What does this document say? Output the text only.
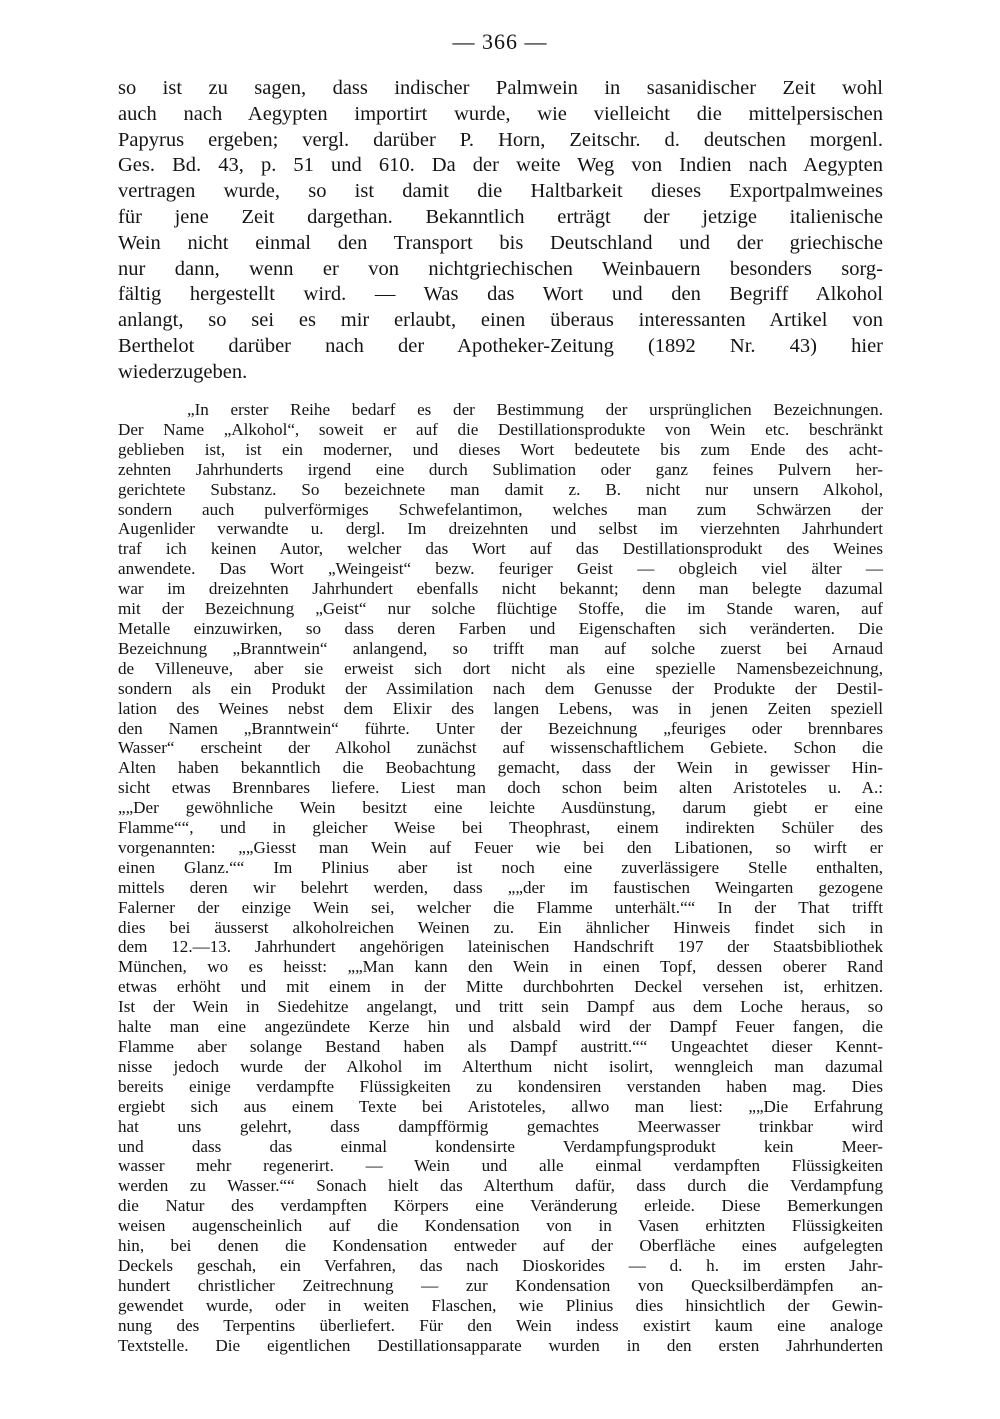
— 366 —
so ist zu sagen, dass indischer Palmwein in sasanidischer Zeit wohl
auch nach Aegypten importirt wurde, wie vielleicht die mittelpersischen
Papyrus ergeben; vergl. darüber P. Horn, Zeitschr. d. deutschen morgenl.
Ges. Bd. 43, p. 51 und 610. Da der weite Weg von Indien nach Aegypten
vertragen wurde, so ist damit die Haltbarkeit dieses Exportpalmweines
für jene Zeit dargethan. Bekanntlich erträgt der jetzige italienische
Wein nicht einmal den Transport bis Deutschland und der griechische
nur dann, wenn er von nichtgriechischen Weinbauern besonders sorg-
fältig hergestellt wird. — Was das Wort und den Begriff Alkohol
anlangt, so sei es mir erlaubt, einen überaus interessanten Artikel von
Berthelot darüber nach der Apotheker-Zeitung (1892 Nr. 43) hier
wiederzugeben.
„In erster Reihe bedarf es der Bestimmung der ursprünglichen Bezeichnungen.
Der Name „Alkohol“, soweit er auf die Destillationsprodukte von Wein etc. beschränkt
geblieben ist, ist ein moderner, und dieses Wort bedeutete bis zum Ende des acht-
zehnten Jahrhunderts irgend eine durch Sublimation oder ganz feines Pulvern her-
gerichtete Substanz. So bezeichnete man damit z. B. nicht nur unsern Alkohol,
sondern auch pulverförmiges Schwefelantimon, welches man zum Schwärzen der
Augenlider verwandte u. dergl. Im dreizehnten und selbst im vierzehnten Jahrhundert
traf ich keinen Autor, welcher das Wort auf das Destillationsprodukt des Weines
anwendete. Das Wort „Weingeist“ bezw. feuriger Geist — obgleich viel älter —
war im dreizehnten Jahrhundert ebenfalls nicht bekannt; denn man belegte dazumal
mit der Bezeichnung „Geist“ nur solche flüchtige Stoffe, die im Stande waren, auf
Metalle einzuwirken, so dass deren Farben und Eigenschaften sich veränderten. Die
Bezeichnung „Branntwein“ anlangend, so trifft man auf solche zuerst bei Arnaud
de Villeneuve, aber sie erweist sich dort nicht als eine spezielle Namensbezeichnung,
sondern als ein Produkt der Assimilation nach dem Genusse der Produkte der Destil-
lation des Weines nebst dem Elixir des langen Lebens, was in jenen Zeiten speziell
den Namen „Branntwein“ führte. Unter der Bezeichnung „feuriges oder brennbares
Wasser“ erscheint der Alkohol zunächst auf wissenschaftlichem Gebiete. Schon die
Alten haben bekanntlich die Beobachtung gemacht, dass der Wein in gewisser Hin-
sicht etwas Brennbares liefere. Liest man doch schon beim alten Aristoteles u. A.:
„„Der gewöhnliche Wein besitzt eine leichte Ausdünstung, darum giebt er eine
Flamme““, und in gleicher Weise bei Theophrast, einem indirekten Schüler des
vorgenannten: „„Giesst man Wein auf Feuer wie bei den Libationen, so wirft er
einen Glanz.““ Im Plinius aber ist noch eine zuverlässigere Stelle enthalten,
mittels deren wir belehrt werden, dass „„der im faustischen Weingarten gezogene
Falerner der einzige Wein sei, welcher die Flamme unterhält.““ In der That trifft
dies bei äusserst alkoholreichen Weinen zu. Ein ähnlicher Hinweis findet sich in
dem 12.—13. Jahrhundert angehörigen lateinischen Handschrift 197 der Staatsbibliothek
München, wo es heisst: „„Man kann den Wein in einen Topf, dessen oberer Rand
etwas erhöht und mit einem in der Mitte durchbohrten Deckel versehen ist, erhitzen.
Ist der Wein in Siedehitze angelangt, und tritt sein Dampf aus dem Loche heraus, so
halte man eine angezündete Kerze hin und alsbald wird der Dampf Feuer fangen, die
Flamme aber solange Bestand haben als Dampf austritt.““ Ungeachtet dieser Kennt-
nisse jedoch wurde der Alkohol im Alterthum nicht isolirt, wenngleich man dazumal
bereits einige verdampfte Flüssigkeiten zu kondensiren verstanden haben mag. Dies
ergiebt sich aus einem Texte bei Aristoteles, allwo man liest: „„Die Erfahrung
hat uns gelehrt, dass dampfförmig gemachtes Meerwasser trinkbar wird
und dass das einmal kondensirte Verdampfungsprodukt kein Meer-
wasser mehr regenerirt. — Wein und alle einmal verdampften Flüssigkeiten
werden zu Wasser.““ Sonach hielt das Alterthum dafür, dass durch die Verdampfung
die Natur des verdampften Körpers eine Veränderung erleide. Diese Bemerkungen
weisen augenscheinlich auf die Kondensation von in Vasen erhitzten Flüssigkeiten
hin, bei denen die Kondensation entweder auf der Oberfläche eines aufgelegten
Deckels geschah, ein Verfahren, das nach Dioskorides — d. h. im ersten Jahr-
hundert christlicher Zeitrechnung — zur Kondensation von Quecksilberdämpfen an-
gewendet wurde, oder in weiten Flaschen, wie Plinius dies hinsichtlich der Gewin-
nung des Terpentins überliefert. Für den Wein indess existirt kaum eine analoge
Textstelle. Die eigentlichen Destillationsapparate wurden in den ersten Jahrhunderten
